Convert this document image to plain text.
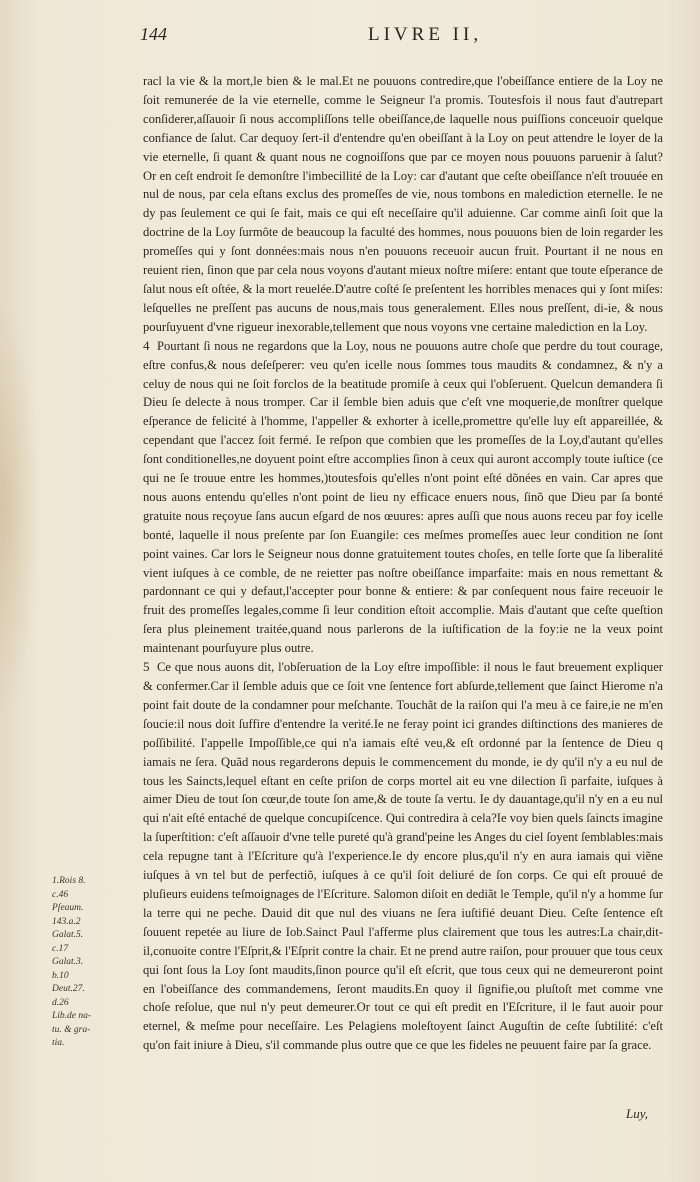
144	LIVRE II,

racl la vie & la mort,le bien & le mal.Et ne pouuons contredire,que l'obeiſſance entiere de la Loy ne ſoit remunerée de la vie eternelle, comme le Seigneur l'a promis. Toutesfois il nous faut d'autrepart conſiderer,aſſauoir ſi nous accompliſſons telle obeiſſance,de laquelle nous puiſſions conceuoir quelque confiance de ſalut. Car dequoy ſert-il d'entendre qu'en obeiſſant à la Loy on peut attendre le loyer de la vie eternelle, ſi quant & quant nous ne cognoiſſons que par ce moyen nous pouuons paruenir à ſalut? Or en ceſt endroit ſe demonſtre l'imbecillité de la Loy: car d'autant que ceſte obeiſſance n'eſt trouuée en nul de nous, par cela eſtans exclus des promeſſes de vie, nous tombons en malediction eternelle. Ie ne dy pas ſeulement ce qui ſe fait, mais ce qui eſt neceſſaire qu'il aduienne. Car comme ainſi ſoit que la doctrine de la Loy ſurmôte de beaucoup la faculté des hommes, nous pouuons bien de loin regarder les promeſſes qui y ſont données:mais nous n'en pouuons receuoir aucun fruit. Pourtant il ne nous en reuient rien, ſinon que par cela nous voyons d'autant mieux noſtre miſere: entant que toute eſperance de ſalut nous eſt oſtée, & la mort reuelée.D'autre coſté ſe preſentent les horribles menaces qui y ſont miſes: leſquelles ne preſſent pas aucuns de nous,mais tous generalement. Elles nous preſſent, di-ie, & nous pourſuyuent d'vne rigueur inexorable,tellement que nous voyons vne certaine malediction en la Loy.

4 Pourtant ſi nous ne regardons que la Loy, nous ne pouuons autre choſe que perdre du tout courage, eſtre confus,& nous deſeſperer: veu qu'en icelle nous ſommes tous maudits & condamnez, & n'y a celuy de nous qui ne ſoit forclos de la beatitude promiſe à ceux qui l'obſeruent. Quelcun demandera ſi Dieu ſe delecte à nous tromper. Car il ſemble bien aduis que c'eſt vne moquerie,de monſtrer quelque eſperance de felicité à l'homme, l'appeller & exhorter à icelle,promettre qu'elle luy eſt appareillée, & cependant que l'accez ſoit fermé. Ie reſpon que combien que les promeſſes de la Loy,d'autant qu'elles ſont conditionelles,ne doyuent point eſtre accomplies ſinon à ceux qui auront accomply toute iuſtice (ce qui ne ſe trouue entre les hommes,)toutesfois qu'elles n'ont point eſté dõnées en vain. Car apres que nous auons entendu qu'elles n'ont point de lieu ny efficace enuers nous, ſinõ que Dieu par ſa bonté gratuite nous reçoyue ſans aucun eſgard de nos œuures: apres auſſi que nous auons receu par foy icelle bonté, laquelle il nous preſente par ſon Euangile: ces meſmes promeſſes auec leur condition ne ſont point vaines. Car lors le Seigneur nous donne gratuitement toutes choſes, en telle ſorte que ſa liberalité vient iuſques à ce comble, de ne reietter pas noſtre obeiſſance imparfaite: mais en nous remettant & pardonnant ce qui y defaut,l'accepter pour bonne & entiere: & par conſequent nous faire receuoir le fruit des promeſſes legales,comme ſi leur condition eſtoit accomplie. Mais d'autant que ceſte queſtion ſera plus pleinement traitée,quand nous parlerons de la iuſtification de la foy:ie ne la veux point maintenant pourſuyure plus outre.

5 Ce que nous auons dit, l'obſeruation de la Loy eſtre impoſſible: il nous le faut breuement expliquer & confermer.Car il ſemble aduis que ce ſoit vne ſentence fort abſurde,tellement que ſainct Hierome n'a point fait doute de la condamner pour meſchante. Touchãt de la raiſon qui l'a meu à ce faire,ie ne m'en ſoucie:il nous doit ſuffire d'entendre la verité.Ie ne feray point ici grandes diſtinctions des manieres de poſſibilité. I'appelle Impoſſible,ce qui n'a iamais eſté veu,& eſt ordonné par la ſentence de Dieu q iamais ne ſera. Quãd nous regarderons depuis le commencement du monde, ie dy qu'il n'y a eu nul de tous les Saincts,lequel eſtant en ceſte priſon de corps mortel ait eu vne dilection ſi parfaite, iuſques à aimer Dieu de tout ſon cœur,de toute ſon ame,& de toute ſa vertu. Ie dy dauantage,qu'il n'y en a eu nul qui n'ait eſté entaché de quelque concupiſcence. Qui contredira à cela?Ie voy bien quels ſaincts imagine la ſuperſtition: c'eſt aſſauoir d'vne telle pureté qu'à grand'peine les Anges du ciel ſoyent ſemblables:mais cela repugne tant à l'Eſcriture qu'à l'experience.Ie dy encore plus,qu'il n'y en aura iamais qui viẽne iuſques à vn tel but de perfectiõ, iuſques à ce qu'il ſoit deliuré de ſon corps. Ce qui eſt prouué de pluſieurs euidens teſmoignages de l'Eſcriture. Salomon diſoit en dediãt le Temple, qu'il n'y a homme ſur la terre qui ne peche. Dauid dit que nul des viuans ne ſera iuſtifié deuant Dieu. Ceſte ſentence eſt ſouuent repetée au liure de Iob.Sainct Paul l'afferme plus clairement que tous les autres:La chair,dit-il,conuoite contre l'Eſprit,& l'Eſprit contre la chair. Et ne prend autre raiſon, pour prouuer que tous ceux qui ſont ſous la Loy ſont maudits,ſinon pource qu'il eſt eſcrit, que tous ceux qui ne demeureront point en l'obeiſſance des commandemens, ſeront maudits.En quoy il ſignifie,ou pluſtoſt met comme vne choſe reſolue, que nul n'y peut demeurer.Or tout ce qui eſt predit en l'Eſcriture, il le faut auoir pour eternel, & meſme pour neceſſaire. Les Pelagiens moleſtoyent ſainct Auguſtin de ceſte ſubtilité: c'eſt qu'on fait iniure à Dieu, s'il commande plus outre que ce que les fideles ne peuuent faire par ſa grace.

1.Rois 8.
c.46
Pſeaum.
143.a.2
Galat.5.
c.17
Galat.3.
b.10
Deut.27.
d.26
Lib.de na-
tu. & gra-
tia.
Luy,
